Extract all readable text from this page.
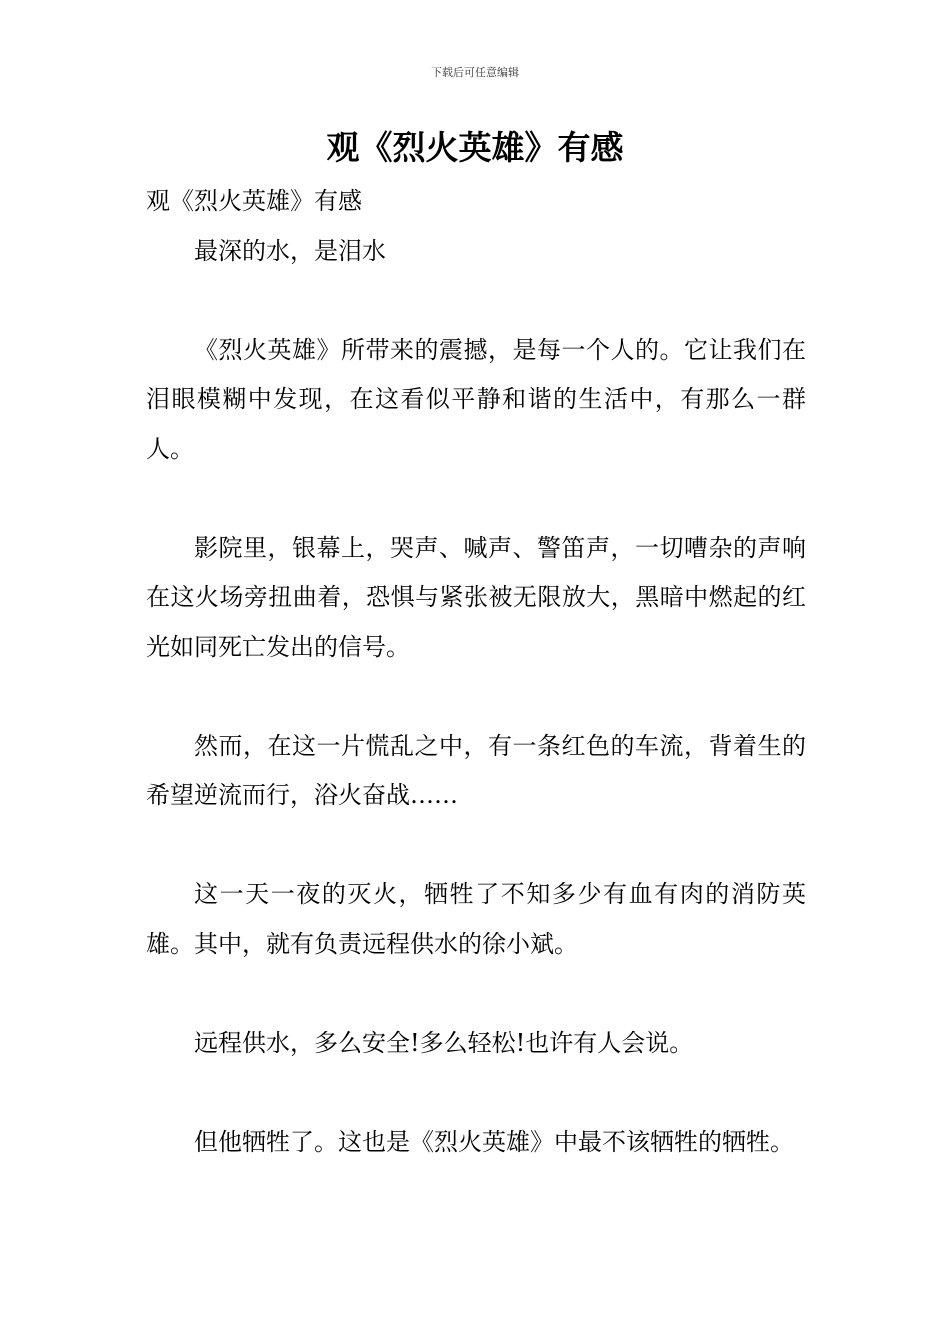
下载后可任意编辑
观《烈火英雄》有感

观《烈火英雄》有感

最深的水，是泪水

《烈火英雄》所带来的震撼，是每一个人的。它让我们在泪眼模糊中发现，在这看似平静和谐的生活中，有那么一群人。

影院里，银幕上，哭声、喊声、警笛声，一切嘈杂的声响在这火场旁扭曲着，恐惧与紧张被无限放大，黑暗中燃起的红光如同死亡发出的信号。

然而，在这一片慌乱之中，有一条红色的车流，背着生的希望逆流而行，浴火奋战……

这一天一夜的灭火，牺牲了不知多少有血有肉的消防英雄。其中，就有负责远程供水的徐小斌。

远程供水，多么安全!多么轻松!也许有人会说。

但他牺牲了。这也是《烈火英雄》中最不该牺牲的牺牲。
